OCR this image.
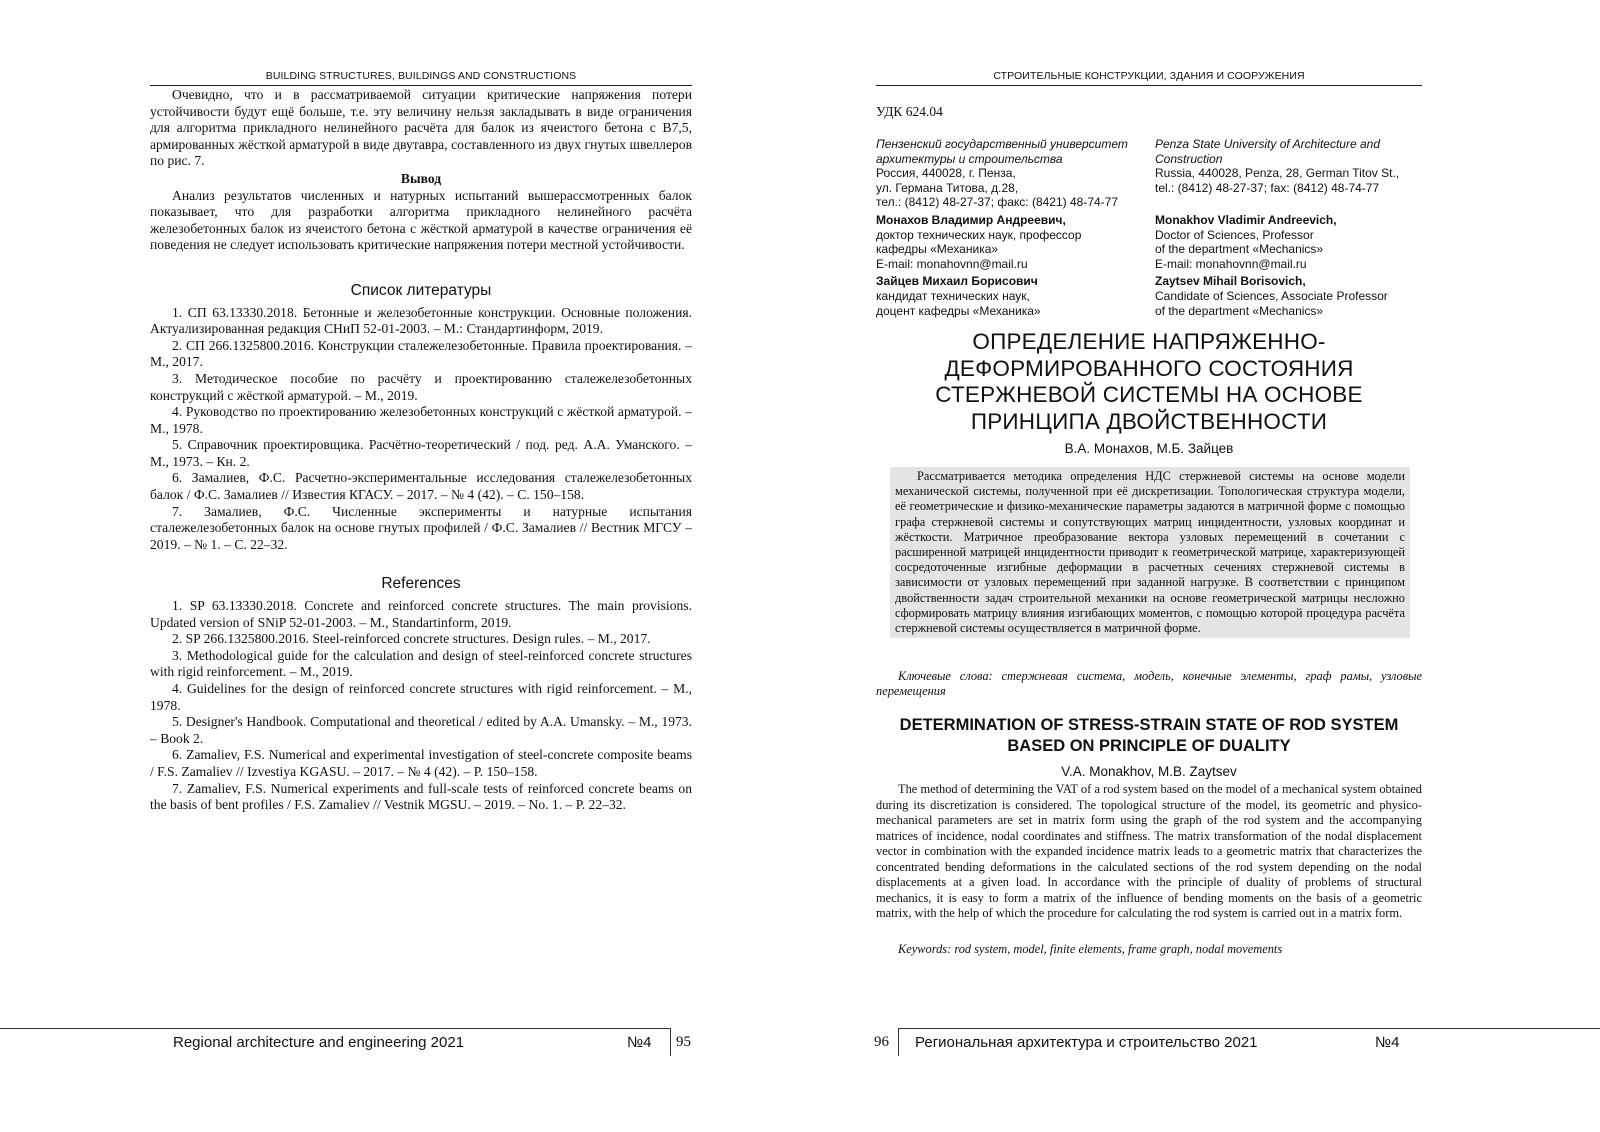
BUILDING STRUCTURES, BUILDINGS AND CONSTRUCTIONS

Очевидно, что и в рассматриваемой ситуации критические напряжения потери устойчивости будут ещё больше, т.е. эту величину нельзя закладывать в виде ограничения для алгоритма прикладного нелинейного расчёта для балок из ячеистого бетона с В7,5, армированных жёсткой арматурой в виде двутавра, составленного из двух гнутых швеллеров по рис. 7.

Вывод

Анализ результатов численных и натурных испытаний вышерассмотренных балок показывает, что для разработки алгоритма прикладного нелинейного расчёта железобетонных балок из ячеистого бетона с жёсткой арматурой в качестве ограничения её поведения не следует использовать критические напряжения потери местной устойчивости.

Список литературы

1. СП 63.13330.2018. Бетонные и железобетонные конструкции. Основные положения. Актуализированная редакция СНиП 52-01-2003. – М.: Стандартинформ, 2019.

2. СП 266.1325800.2016. Конструкции сталежелезобетонные. Правила проектирования. – М., 2017.

3. Методическое пособие по расчёту и проектированию сталежелезобетонных конструкций с жёсткой арматурой. – М., 2019.

4. Руководство по проектированию железобетонных конструкций с жёсткой арматурой. – М., 1978.

5. Справочник проектировщика. Расчётно-теоретический / под. ред. А.А. Уманского. – М., 1973. – Кн. 2.

6. Замалиев, Ф.С. Расчетно-экспериментальные исследования сталежелезобетонных балок / Ф.С. Замалиев // Известия КГАСУ. – 2017. – № 4 (42). – С. 150–158.

7. Замалиев, Ф.С. Численные эксперименты и натурные испытания сталежелезобетонных балок на основе гнутых профилей / Ф.С. Замалиев // Вестник МГСУ – 2019. – № 1. – С. 22–32.

References

1. SP 63.13330.2018. Concrete and reinforced concrete structures. The main provisions. Updated version of SNiP 52-01-2003. – M., Standartinform, 2019.

2. SP 266.1325800.2016. Steel-reinforced concrete structures. Design rules. – M., 2017.

3. Methodological guide for the calculation and design of steel-reinforced concrete structures with rigid reinforcement. – M., 2019.

4. Guidelines for the design of reinforced concrete structures with rigid reinforcement. – M., 1978.

5. Designer's Handbook. Computational and theoretical / edited by A.A. Umansky. – M., 1973. – Book 2.

6. Zamaliev, F.S. Numerical and experimental investigation of steel-concrete composite beams / F.S. Zamaliev // Izvestiya KGASU. – 2017. – № 4 (42). – P. 150–158.

7. Zamaliev, F.S. Numerical experiments and full-scale tests of reinforced concrete beams on the basis of bent profiles / F.S. Zamaliev // Vestnik MGSU. – 2019. – No. 1. – P. 22–32.

Regional architecture and engineering 2021	№4 95
СТРОИТЕЛЬНЫЕ КОНСТРУКЦИИ, ЗДАНИЯ И СООРУЖЕНИЯ
УДК 624.04
Пензенский государственный университет архитектуры и строительства
Россия, 440028, г. Пенза,
ул. Германа Титова, д.28,
тел.: (8412) 48-27-37; факс: (8421) 48-74-77
Монахов Владимир Андреевич,
доктор технических наук, профессор
кафедры «Механика»
E-mail: monahovnn@mail.ru
Зайцев Михаил Борисович
кандидат технических наук,
доцент кафедры «Механика»
Penza State University of Architecture and Construction
Russia, 440028, Penza, 28, German Titov St.,
tel.: (8412) 48-27-37; fax: (8412) 48-74-77
Monakhov Vladimir Andreevich,
Doctor of Sciences, Professor
of the department «Mechanics»
E-mail: monahovnn@mail.ru
Zaytsev Mihail Borisovich,
Candidate of Sciences, Associate Professor
of the department «Mechanics»
ОПРЕДЕЛЕНИЕ НАПРЯЖЕННО-ДЕФОРМИРОВАННОГО СОСТОЯНИЯ СТЕРЖНЕВОЙ СИСТЕМЫ НА ОСНОВЕ ПРИНЦИПА ДВОЙСТВЕННОСТИ
В.А. Монахов, М.Б. Зайцев

Рассматривается методика определения НДС стержневой системы на основе модели механической системы, полученной при её дискретизации. Топологическая структура модели, её геометрические и физико-механические параметры задаются в матричной форме с помощью графа стержневой системы и сопутствующих матриц инцидентности, узловых координат и жёсткости. Матричное преобразование вектора узловых перемещений в сочетании с расширенной матрицей инцидентности приводит к геометрической матрице, характеризующей сосредоточенные изгибные деформации в расчетных сечениях стержневой системы в зависимости от узловых перемещений при заданной нагрузке. В соответствии с принципом двойственности задач строительной механики на основе геометрической матрицы несложно сформировать матрицу влияния изгибающих моментов, с помощью которой процедура расчёта стержневой системы осуществляется в матричной форме.

Ключевые слова: стержневая система, модель, конечные элементы, граф рамы, узловые перемещения
DETERMINATION OF STRESS-STRAIN STATE OF ROD SYSTEM BASED ON PRINCIPLE OF DUALITY
V.A. Monakhov, M.B. Zaytsev

The method of determining the VAT of a rod system based on the model of a mechanical system obtained during its discretization is considered. The topological structure of the model, its geometric and physico-mechanical parameters are set in matrix form using the graph of the rod system and the accompanying matrices of incidence, nodal coordinates and stiffness. The matrix transformation of the nodal displacement vector in combination with the expanded incidence matrix leads to a geometric matrix that characterizes the concentrated bending deformations in the calculated sections of the rod system depending on the nodal displacements at a given load. In accordance with the principle of duality of problems of structural mechanics, it is easy to form a matrix of the influence of bending moments on the basis of a geometric matrix, with the help of which the procedure for calculating the rod system is carried out in a matrix form.

Keywords: rod system, model, finite elements, frame graph, nodal movements
96 Региональная архитектура и строительство 2021	№4
